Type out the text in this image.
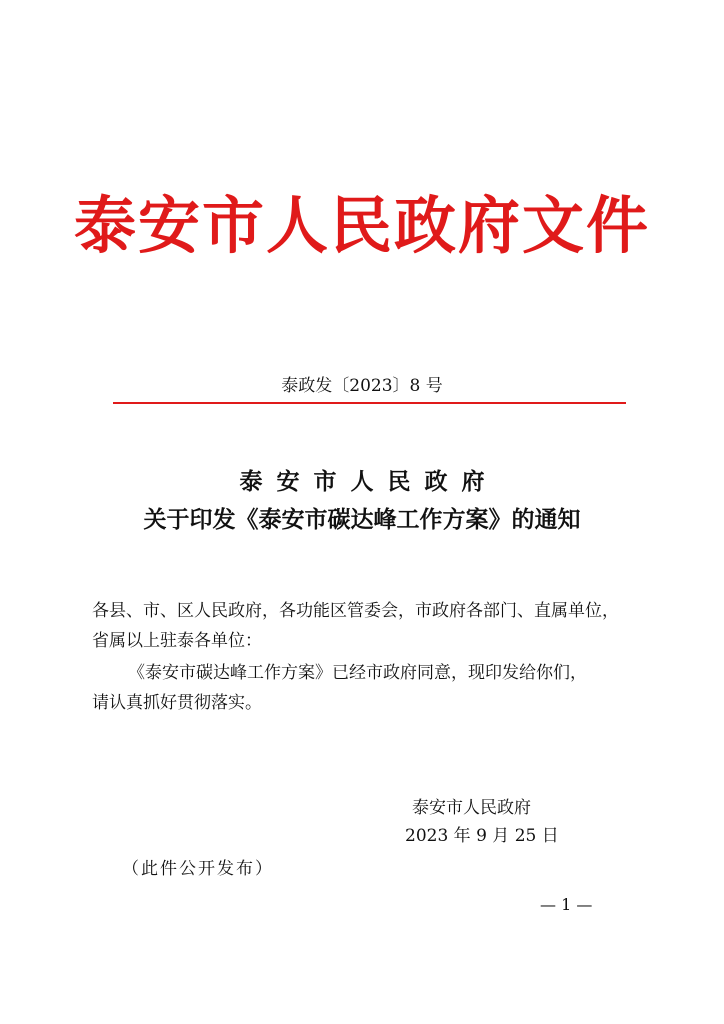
泰安市人民政府文件
泰政发〔2023〕8 号
泰安市人民政府
关于印发《泰安市碳达峰工作方案》的通知
各县、市、区人民政府，各功能区管委会，市政府各部门、直属单位，
省属以上驻泰各单位：
《泰安市碳达峰工作方案》已经市政府同意，现印发给你们，
请认真抓好贯彻落实。
泰安市人民政府
2023 年 9 月 25 日
（此件公开发布）
— 1 —
